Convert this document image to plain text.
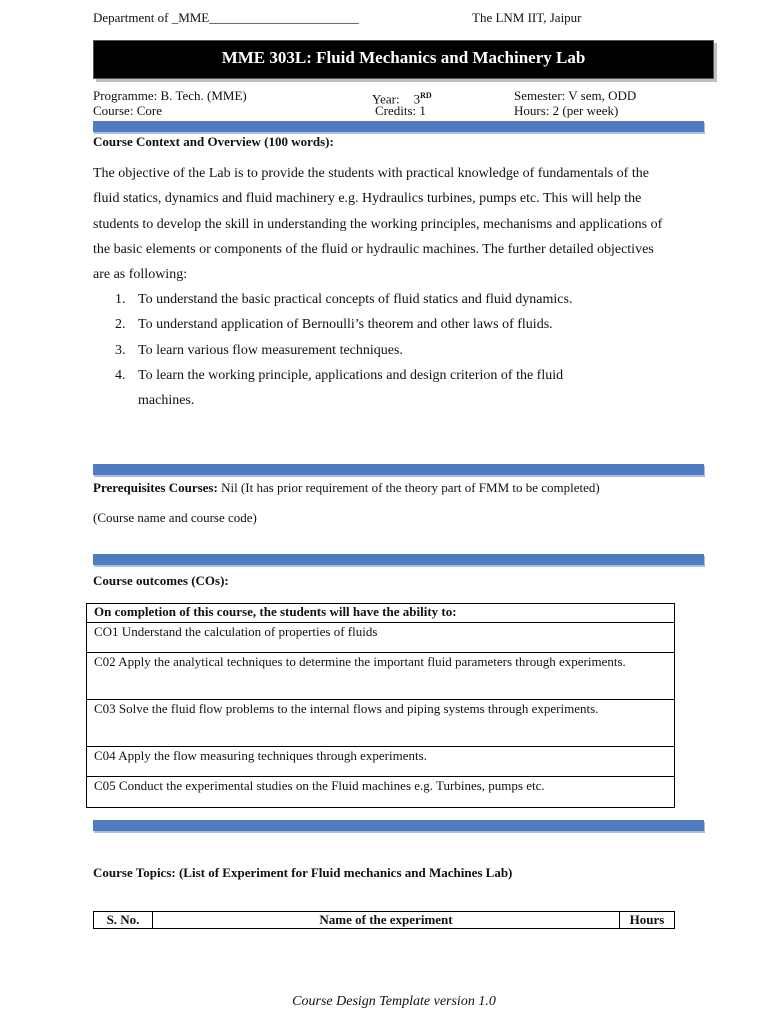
Department of _MME_______________________	The LNM IIT, Jaipur
MME 303L: Fluid Mechanics and Machinery Lab
Programme: B. Tech. (MME)	Year: 3RD	Semester: V sem, ODD
Course: Core	Credits: 1	Hours: 2 (per week)
Course Context and Overview (100 words):
The objective of the Lab is to provide the students with practical knowledge of fundamentals of the fluid statics, dynamics and fluid machinery e.g. Hydraulics turbines, pumps etc. This will help the students to develop the skill in understanding the working principles, mechanisms and applications of the basic elements or components of the fluid or hydraulic machines. The further detailed objectives are as following:
1. To understand the basic practical concepts of fluid statics and fluid dynamics.
2. To understand application of Bernoulli’s theorem and other laws of fluids.
3. To learn various flow measurement techniques.
4. To learn the working principle, applications and design criterion of the fluid machines.
Prerequisites Courses: Nil (It has prior requirement of the theory part of FMM to be completed)
(Course name and course code)
Course outcomes (COs):
On completion of this course, the students will have the ability to:
CO1 Understand the calculation of properties of fluids
C02 Apply the analytical techniques to determine the important fluid parameters through experiments.
C03 Solve the fluid flow problems to the internal flows and piping systems through experiments.
C04 Apply the flow measuring techniques through experiments.
C05 Conduct the experimental studies on the Fluid machines e.g. Turbines, pumps etc.
Course Topics: (List of Experiment for Fluid mechanics and Machines Lab)
S. No.	Name of the experiment	Hours
Course Design Template version 1.0
